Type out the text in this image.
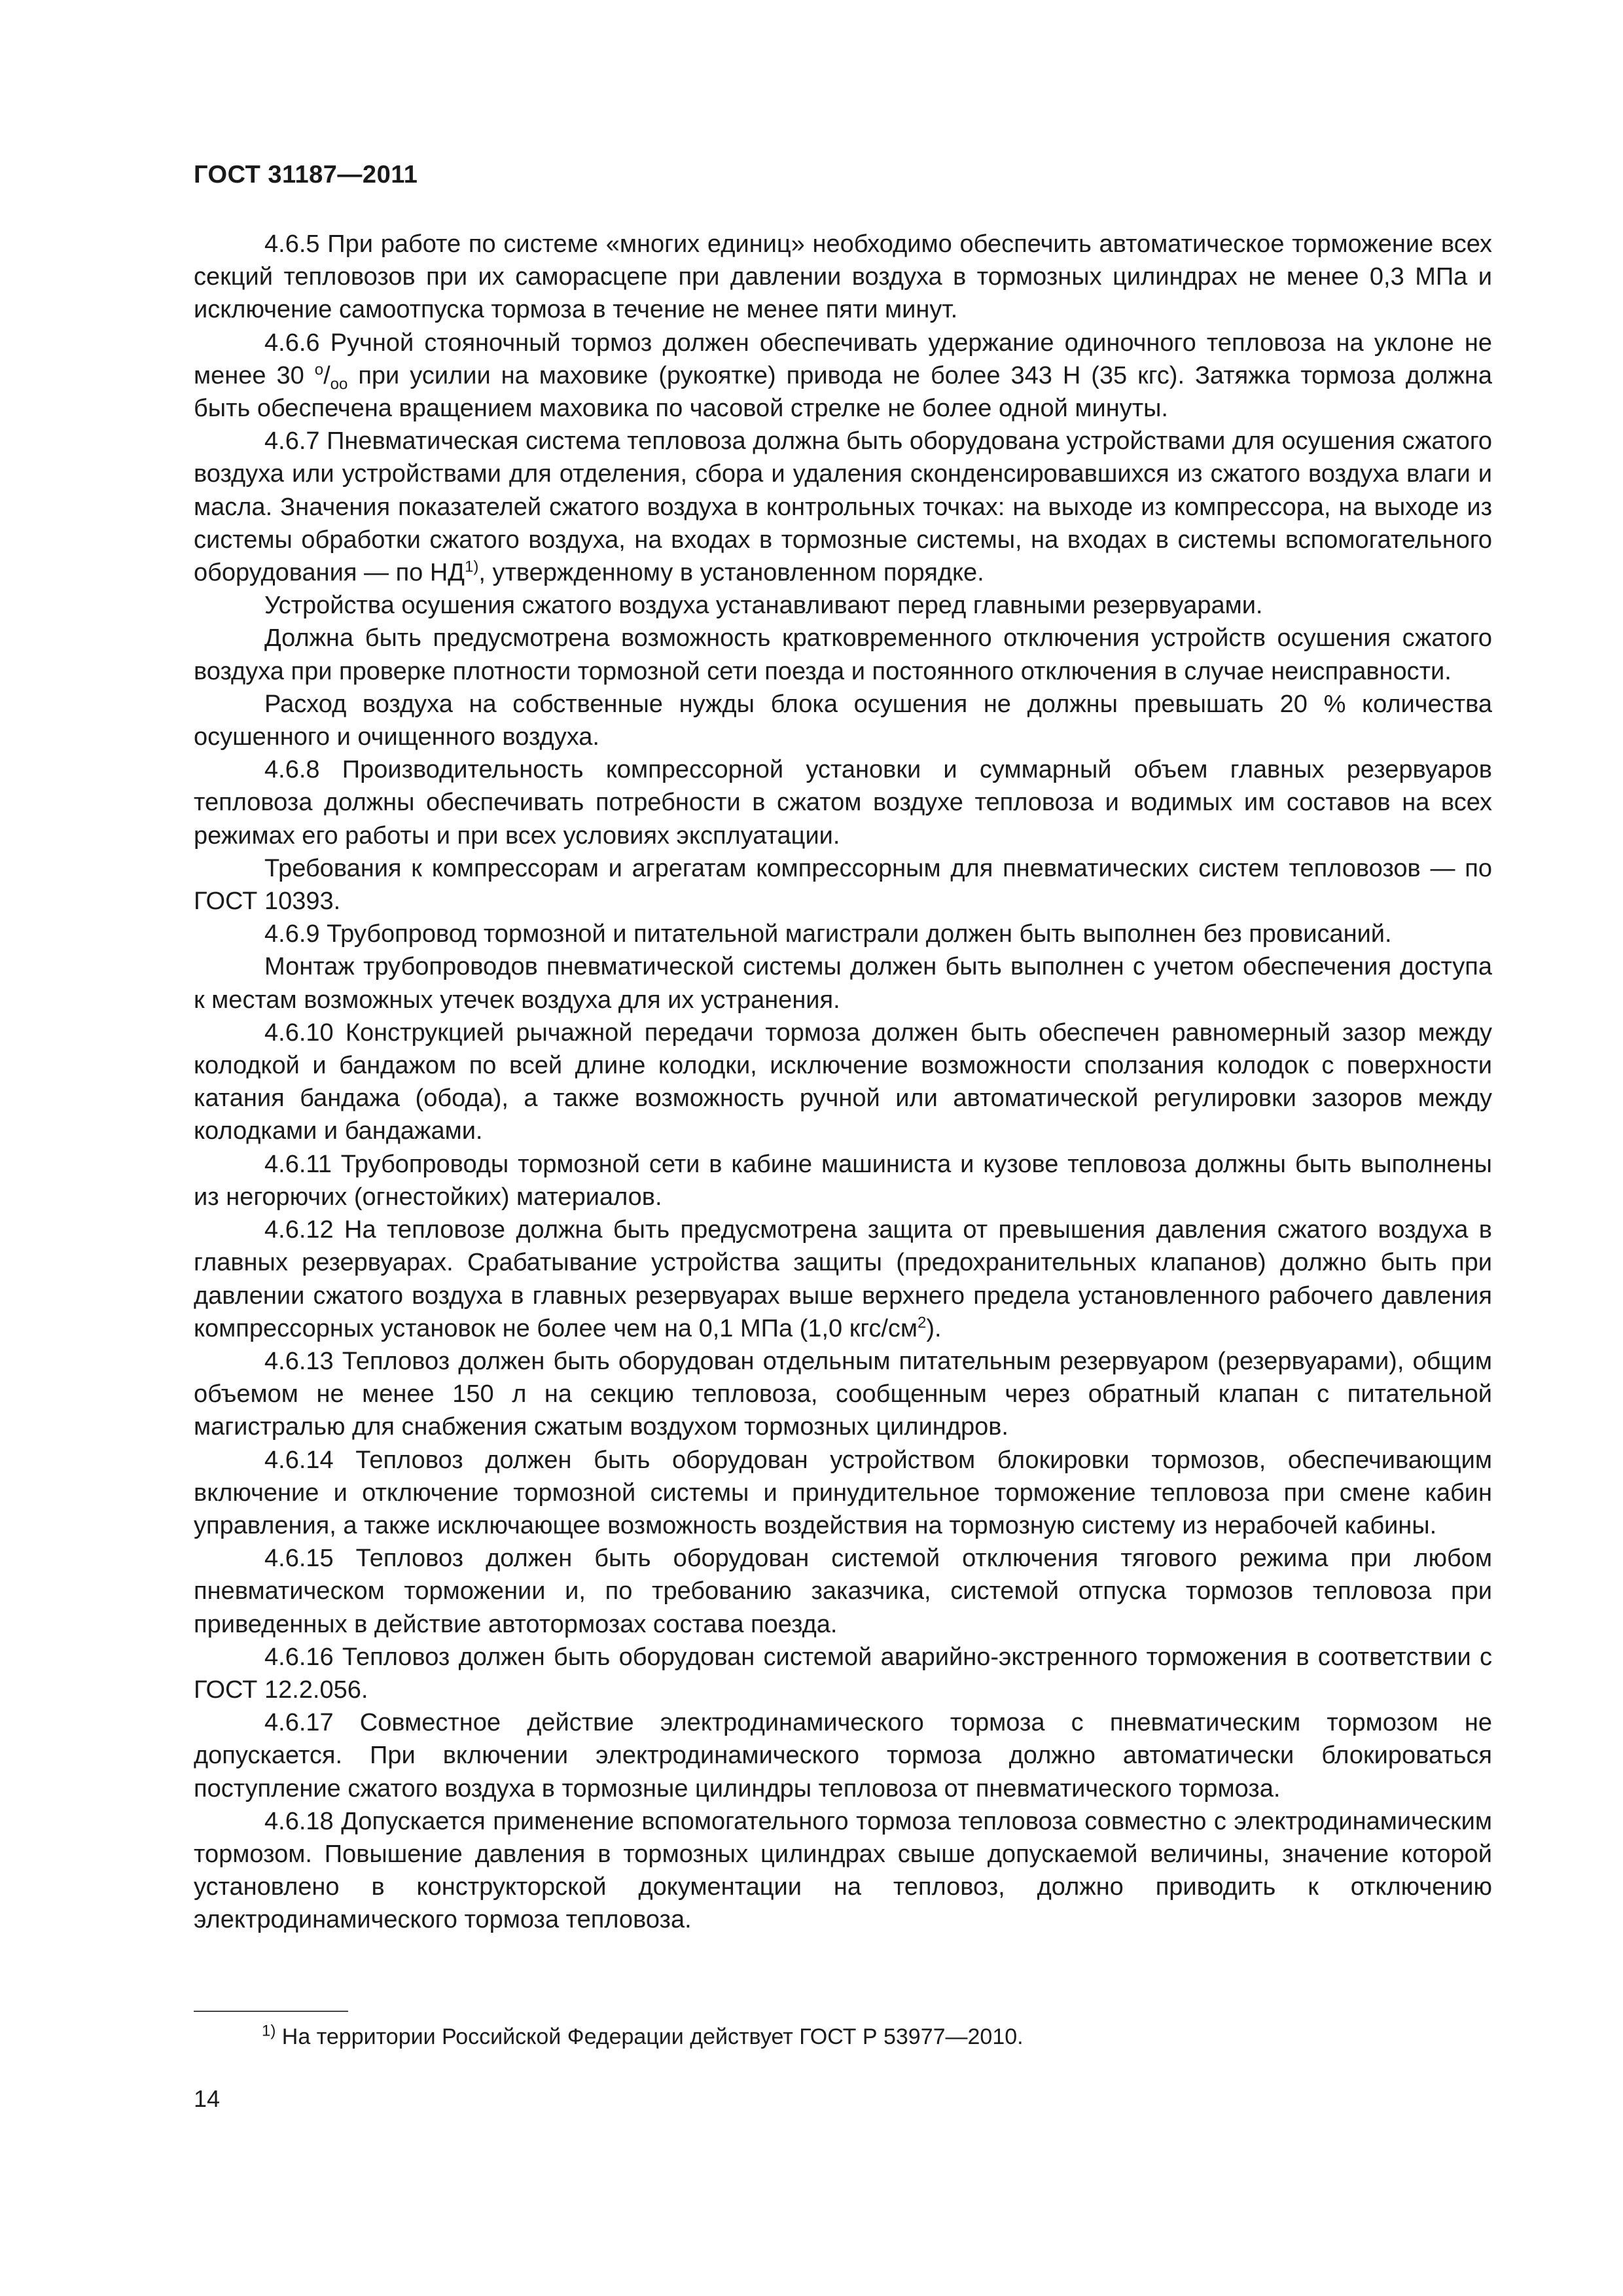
ГОСТ 31187—2011

4.6.5 При работе по системе «многих единиц» необходимо обеспечить автоматическое торможение всех секций тепловозов при их саморасцепе при давлении воздуха в тормозных цилиндрах не менее 0,3 МПа и исключение самоотпуска тормоза в течение не менее пяти минут.

4.6.6 Ручной стояночный тормоз должен обеспечивать удержание одиночного тепловоза на уклоне не менее 30 $^о/_{оо}$ при усилии на маховике (рукоятке) привода не более 343 Н (35 кгс). Затяжка тормоза должна быть обеспечена вращением маховика по часовой стрелке не более одной минуты.

4.6.7 Пневматическая система тепловоза должна быть оборудована устройствами для осушения сжатого воздуха или устройствами для отделения, сбора и удаления сконденсировавшихся из сжатого воздуха влаги и масла. Значения показателей сжатого воздуха в контрольных точках: на выходе из компрессора, на выходе из системы обработки сжатого воздуха, на входах в тормозные системы, на входах в системы вспомогательного оборудования — по НД$^{1)}$, утвержденному в установленном порядке.

Устройства осушения сжатого воздуха устанавливают перед главными резервуарами.

Должна быть предусмотрена возможность кратковременного отключения устройств осушения сжатого воздуха при проверке плотности тормозной сети поезда и постоянного отключения в случае неисправности.

Расход воздуха на собственные нужды блока осушения не должны превышать 20 % количества осушенного и очищенного воздуха.

4.6.8 Производительность компрессорной установки и суммарный объем главных резервуаров тепловоза должны обеспечивать потребности в сжатом воздухе тепловоза и водимых им составов на всех режимах его работы и при всех условиях эксплуатации.

Требования к компрессорам и агрегатам компрессорным для пневматических систем тепловозов — по ГОСТ 10393.

4.6.9 Трубопровод тормозной и питательной магистрали должен быть выполнен без провисаний.

Монтаж трубопроводов пневматической системы должен быть выполнен с учетом обеспечения доступа к местам возможных утечек воздуха для их устранения.

4.6.10 Конструкцией рычажной передачи тормоза должен быть обеспечен равномерный зазор между колодкой и бандажом по всей длине колодки, исключение возможности сползания колодок с поверхности катания бандажа (обода), а также возможность ручной или автоматической регулировки зазоров между колодками и бандажами.

4.6.11 Трубопроводы тормозной сети в кабине машиниста и кузове тепловоза должны быть выполнены из негорючих (огнестойких) материалов.

4.6.12 На тепловозе должна быть предусмотрена защита от превышения давления сжатого воздуха в главных резервуарах. Срабатывание устройства защиты (предохранительных клапанов) должно быть при давлении сжатого воздуха в главных резервуарах выше верхнего предела установленного рабочего давления компрессорных установок не более чем на 0,1 МПа (1,0 кгс/$см^2$).

4.6.13 Тепловоз должен быть оборудован отдельным питательным резервуаром (резервуарами), общим объемом не менее 150 л на секцию тепловоза, сообщенным через обратный клапан с питательной магистралью для снабжения сжатым воздухом тормозных цилиндров.

4.6.14 Тепловоз должен быть оборудован устройством блокировки тормозов, обеспечивающим включение и отключение тормозной системы и принудительное торможение тепловоза при смене кабин управления, а также исключающее возможность воздействия на тормозную систему из нерабочей кабины.

4.6.15 Тепловоз должен быть оборудован системой отключения тягового режима при любом пневматическом торможении и, по требованию заказчика, системой отпуска тормозов тепловоза при приведенных в действие автотормозах состава поезда.

4.6.16 Тепловоз должен быть оборудован системой аварийно-экстренного торможения в соответствии с ГОСТ 12.2.056.

4.6.17 Совместное действие электродинамического тормоза с пневматическим тормозом не допускается. При включении электродинамического тормоза должно автоматически блокироваться поступление сжатого воздуха в тормозные цилиндры тепловоза от пневматического тормоза.

4.6.18 Допускается применение вспомогательного тормоза тепловоза совместно с электродинамическим тормозом. Повышение давления в тормозных цилиндрах свыше допускаемой величины, значение которой установлено в конструкторской документации на тепловоз, должно приводить к отключению электродинамического тормоза тепловоза.

$^{1)}$ На территории Российской Федерации действует ГОСТ Р 53977—2010.
14
